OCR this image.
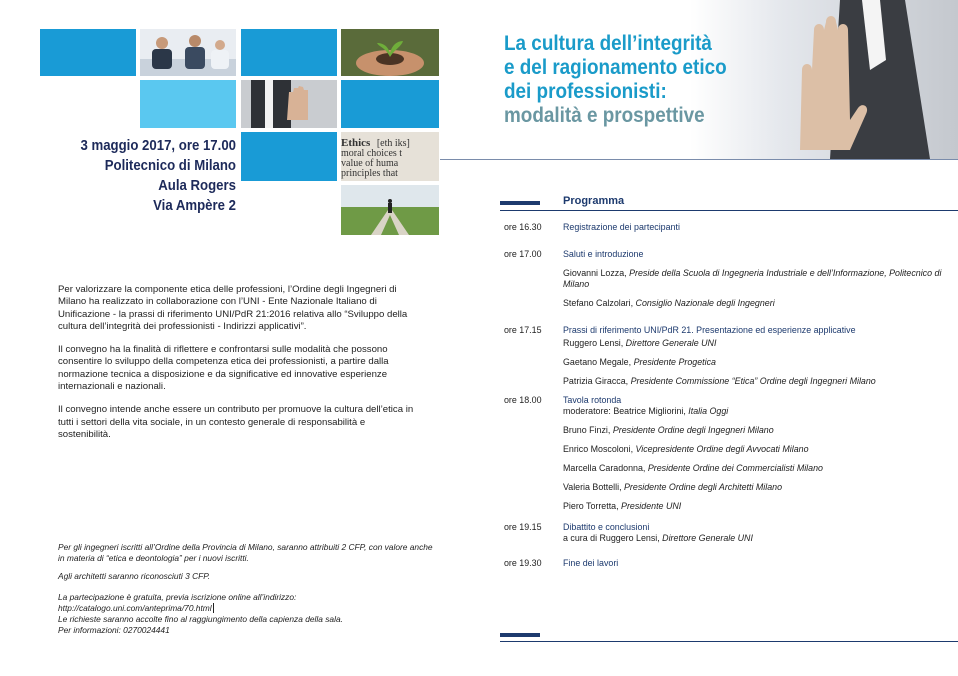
Ethics [eth iks]
moral choices t
value of huma
principles that
3 maggio 2017, ore 17.00
Politecnico di Milano
Aula Rogers
Via Ampère 2

Per valorizzare la componente etica delle professioni, l’Ordine degli Ingegneri di Milano ha realizzato in collaborazione con l’UNI - Ente Nazionale Italiano di Unificazione - la prassi di riferimento UNI/PdR 21:2016 relativa allo “Sviluppo della cultura dell’integrità dei professionisti - Indirizzi applicativi”.

Il convegno ha la finalità di riflettere e confrontarsi sulle modalità che possono consentire lo sviluppo della competenza etica dei professionisti, a partire dalla normazione tecnica a disposizione e da significative ed innovative esperienze internazionali e nazionali.

Il convegno intende anche essere un contributo per promuove la cultura dell’etica in tutti i settori della vita sociale, in un contesto generale di responsabilità e sostenibilità.

Per gli ingegneri iscritti all’Ordine della Provincia di Milano, saranno attribuiti 2 CFP, con valore anche in materia di “etica e deontologia” per i nuovi iscritti.

Agli architetti saranno riconosciuti 3 CFP.

La partecipazione è gratuita, previa iscrizione online all’indirizzo:
http://catalogo.uni.com/anteprima/70.html
Le richieste saranno accolte fino al raggiungimento della capienza della sala.
Per informazioni: 0270024441

La cultura dell’integrità
e del ragionamento etico
dei professionisti:
modalità e prospettive
Programma
ore 16.30	Registrazione dei partecipanti
ore 17.00	Saluti e introduzione
Giovanni Lozza, Preside della Scuola di Ingegneria Industriale e dell’Informazione, Politecnico di Milano
Stefano Calzolari, Consiglio Nazionale degli Ingegneri
ore 17.15	Prassi di riferimento UNI/PdR 21. Presentazione ed esperienze applicative
Ruggero Lensi, Direttore Generale UNI
Gaetano Megale, Presidente Progetica
Patrizia Giracca, Presidente Commissione “Etica” Ordine degli Ingegneri Milano
ore 18.00	Tavola rotonda
moderatore: Beatrice Migliorini, Italia Oggi
Bruno Finzi, Presidente Ordine degli Ingegneri Milano
Enrico Moscoloni, Vicepresidente Ordine degli Avvocati Milano
Marcella Caradonna, Presidente Ordine dei Commercialisti Milano
Valeria Bottelli, Presidente Ordine degli Architetti Milano
Piero Torretta, Presidente UNI
ore 19.15	Dibattito e conclusioni
a cura di Ruggero Lensi, Direttore Generale UNI
ore 19.30	Fine dei lavori
